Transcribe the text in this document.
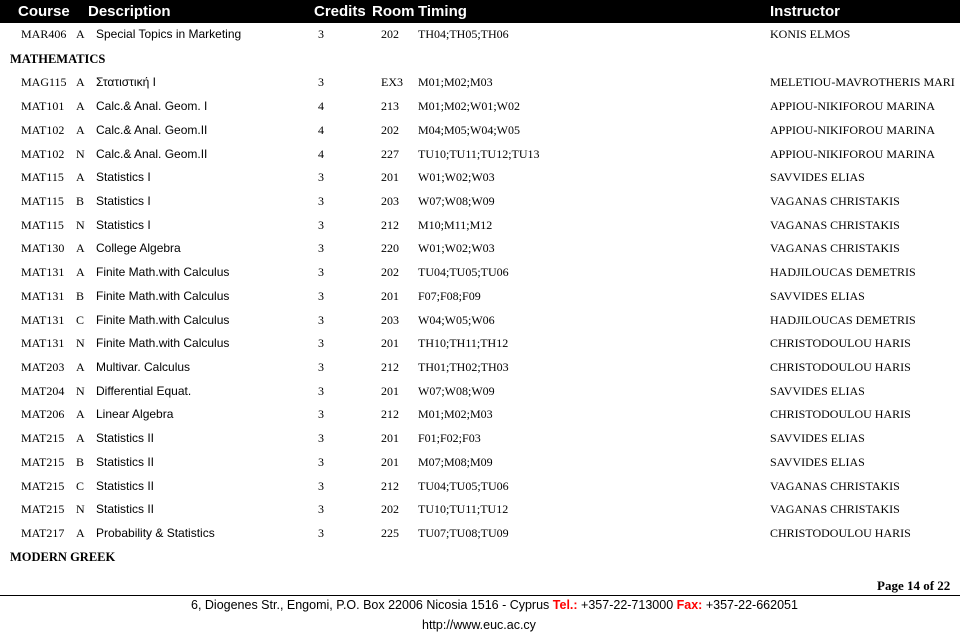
Course Description	Credits Room Timing	Instructor
MATHEMATICS
MODERN GREEK
MAR406 A Special Topics in Marketing	3	202 TH04;TH05;TH06	KONIS ELMOS
MAG115 A Στατιστική I	3	EX3 M01;M02;M03	MELETIOU-MAVROTHERIS MARI
MAT101 A Calc.& Anal. Geom. I	4	213 M01;M02;W01;W02	APPIOU-NIKIFOROU MARINA
MAT102 A Calc.& Anal. Geom.II	4	202 M04;M05;W04;W05	APPIOU-NIKIFOROU MARINA
MAT102 N Calc.& Anal. Geom.II	4	227 TU10;TU11;TU12;TU13	APPIOU-NIKIFOROU MARINA
MAT115 A Statistics I	3	201 W01;W02;W03	SAVVIDES ELIAS
MAT115 B Statistics I	3	203 W07;W08;W09	VAGANAS CHRISTAKIS
MAT115 N Statistics I	3	212 M10;M11;M12	VAGANAS CHRISTAKIS
MAT130 A College Algebra	3	220 W01;W02;W03	VAGANAS CHRISTAKIS
MAT131 A Finite Math.with Calculus	3	202 TU04;TU05;TU06	HADJILOUCAS DEMETRIS
MAT131 B Finite Math.with Calculus	3	201 F07;F08;F09	SAVVIDES ELIAS
MAT131 C Finite Math.with Calculus	3	203 W04;W05;W06	HADJILOUCAS DEMETRIS
MAT131 N Finite Math.with Calculus	3	201 TH10;TH11;TH12	CHRISTODOULOU HARIS
MAT203 A Multivar. Calculus	3	212 TH01;TH02;TH03	CHRISTODOULOU HARIS
MAT204 N Differential Equat.	3	201 W07;W08;W09	SAVVIDES ELIAS
MAT206 A Linear Algebra	3	212 M01;M02;M03	CHRISTODOULOU HARIS
MAT215 A Statistics II	3	201 F01;F02;F03	SAVVIDES ELIAS
MAT215 B Statistics II	3	201 M07;M08;M09	SAVVIDES ELIAS
MAT215 C Statistics II	3	212 TU04;TU05;TU06	VAGANAS CHRISTAKIS
MAT215 N Statistics II	3	202 TU10;TU11;TU12	VAGANAS CHRISTAKIS
MAT217 A Probability & Statistics	3	225 TU07;TU08;TU09	CHRISTODOULOU HARIS
Page 14 of 22
6, Diogenes Str., Engomi, P.O. Box 22006 Nicosia 1516 - Cyprus Tel.: +357-22-713000 Fax: +357-22-662051
http://www.euc.ac.cy
